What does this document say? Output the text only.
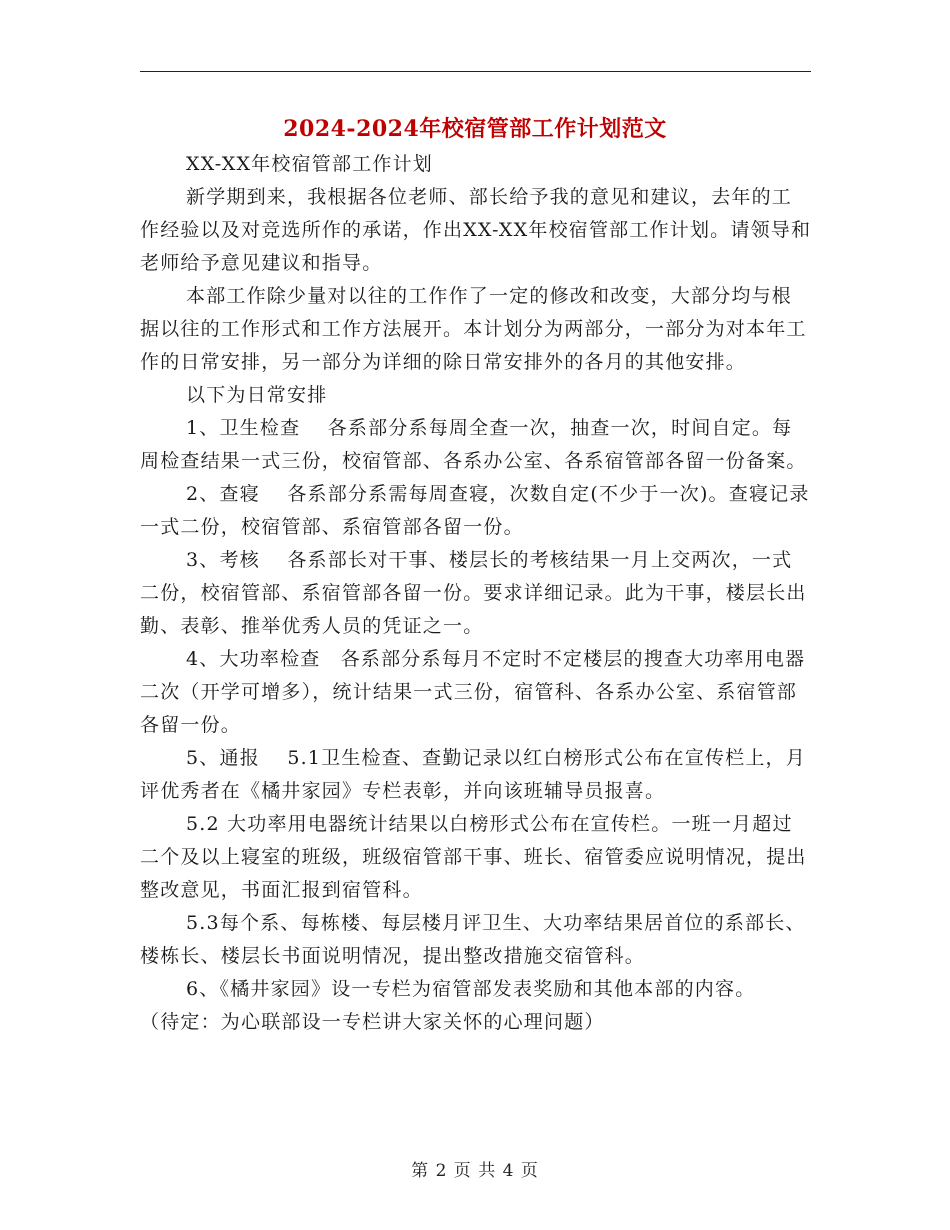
2024-2024年校宿管部工作计划范文

XX-XX年校宿管部工作计划

新学期到来，我根据各位老师、部长给予我的意见和建议，去年的工作经验以及对竞选所作的承诺，作出XX-XX年校宿管部工作计划。请领导和老师给予意见建议和指导。

本部工作除少量对以往的工作作了一定的修改和改变，大部分均与根据以往的工作形式和工作方法展开。本计划分为两部分，一部分为对本年工作的日常安排，另一部分为详细的除日常安排外的各月的其他安排。

以下为日常安排

1、卫生检查　 各系部分系每周全查一次，抽查一次，时间自定。每周检查结果一式三份，校宿管部、各系办公室、各系宿管部各留一份备案。

2、查寝　 各系部分系需每周查寝，次数自定(不少于一次)。查寝记录一式二份，校宿管部、系宿管部各留一份。

3、考核　 各系部长对干事、楼层长的考核结果一月上交两次，一式二份，校宿管部、系宿管部各留一份。要求详细记录。此为干事，楼层长出勤、表彰、推举优秀人员的凭证之一。

4、大功率检查　各系部分系每月不定时不定楼层的搜查大功率用电器二次（开学可增多），统计结果一式三份，宿管科、各系办公室、系宿管部各留一份。

5、通报　 5.1卫生检查、查勤记录以红白榜形式公布在宣传栏上，月评优秀者在《橘井家园》专栏表彰，并向该班辅导员报喜。

5.2 大功率用电器统计结果以白榜形式公布在宣传栏。一班一月超过二个及以上寝室的班级，班级宿管部干事、班长、宿管委应说明情况，提出整改意见，书面汇报到宿管科。

5.3每个系、每栋楼、每层楼月评卫生、大功率结果居首位的系部长、楼栋长、楼层长书面说明情况，提出整改措施交宿管科。

6、《橘井家园》设一专栏为宿管部发表奖励和其他本部的内容。

（待定：为心联部设一专栏讲大家关怀的心理问题）

第 2 页 共 4 页
